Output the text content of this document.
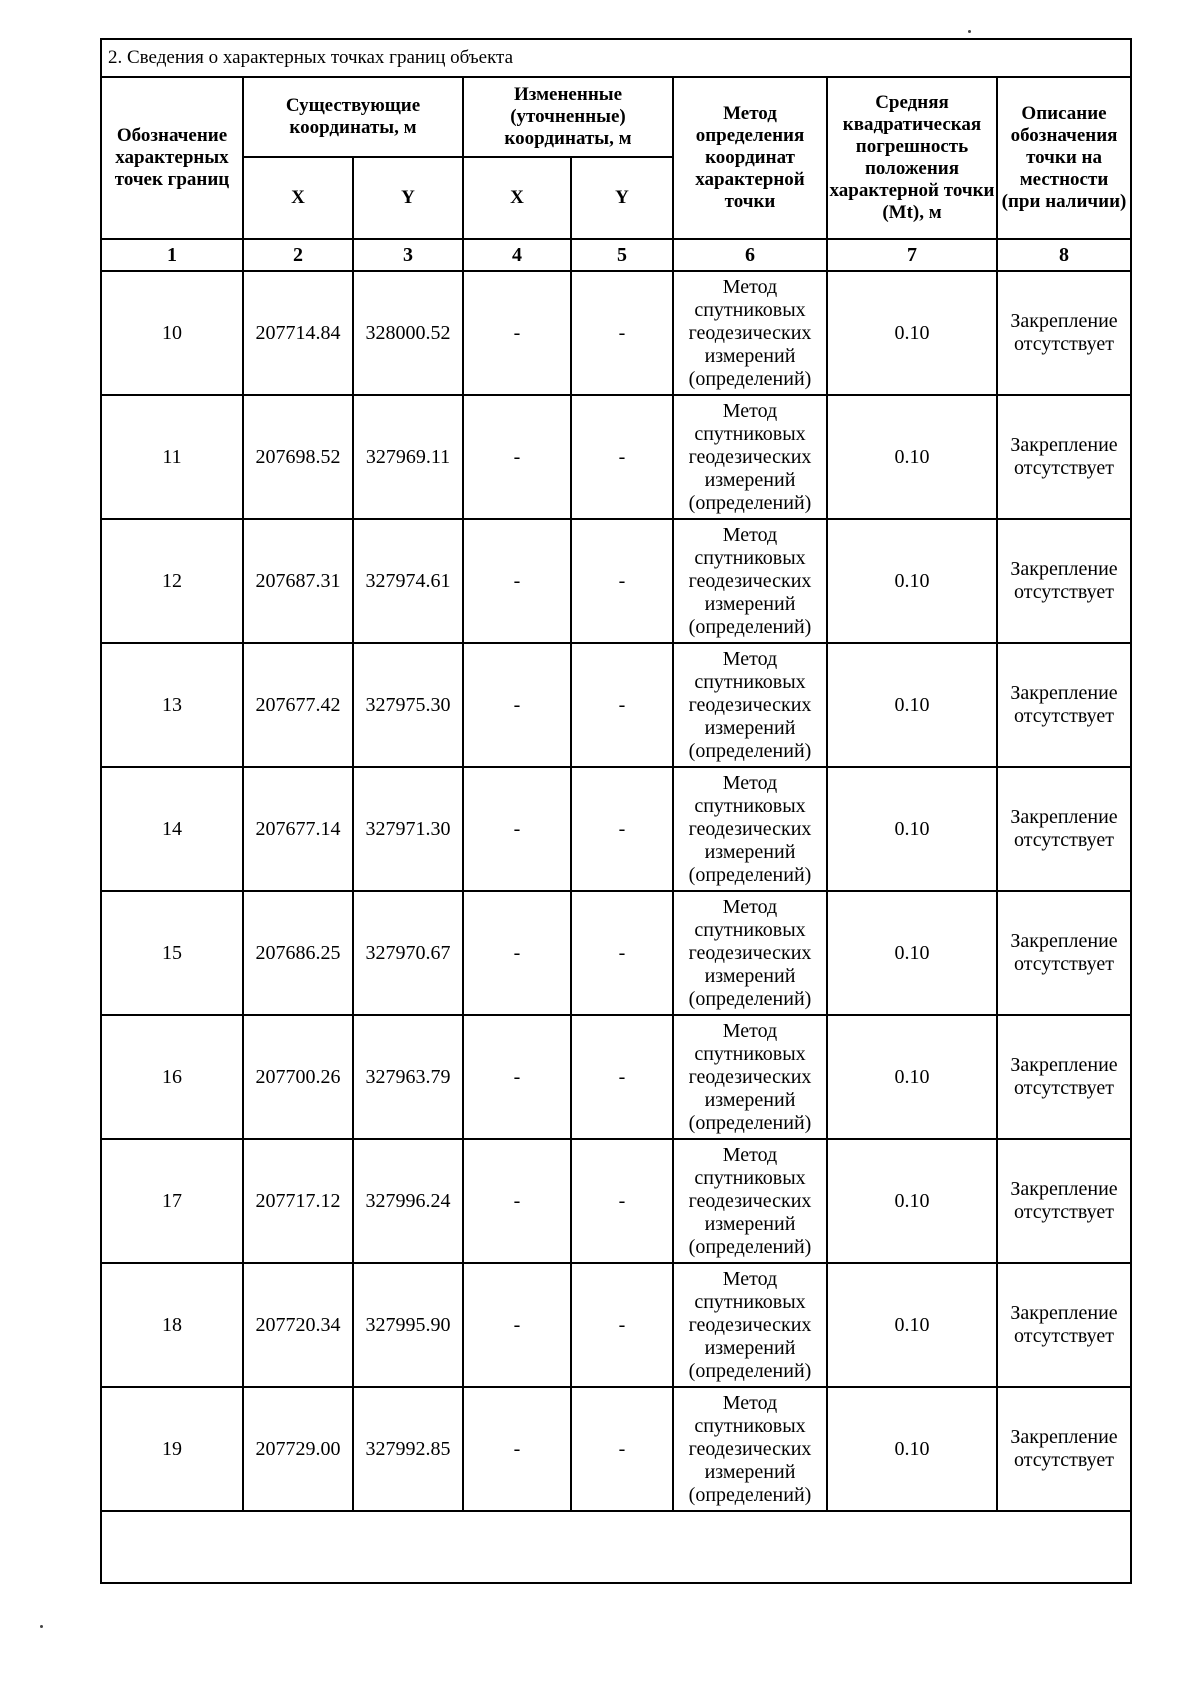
2. Сведения о характерных точках границ объекта							
Обозначение характерных точек границ	Существующие координаты, м		Измененные (уточненные) координаты, м		Метод определения координат характерной точки	Средняя квадратическая погрешность положения характерной точки (Mt), м	Описание обозначения точки на местности (при наличии)
	X	Y	X	Y			
1	2	3	4	5	6	7	8
10	207714.84	328000.52	-	-	Метод спутниковых геодезических измерений (определений)	0.10	Закрепление отсутствует
11	207698.52	327969.11	-	-	Метод спутниковых геодезических измерений (определений)	0.10	Закрепление отсутствует
12	207687.31	327974.61	-	-	Метод спутниковых геодезических измерений (определений)	0.10	Закрепление отсутствует
13	207677.42	327975.30	-	-	Метод спутниковых геодезических измерений (определений)	0.10	Закрепление отсутствует
14	207677.14	327971.30	-	-	Метод спутниковых геодезических измерений (определений)	0.10	Закрепление отсутствует
15	207686.25	327970.67	-	-	Метод спутниковых геодезических измерений (определений)	0.10	Закрепление отсутствует
16	207700.26	327963.79	-	-	Метод спутниковых геодезических измерений (определений)	0.10	Закрепление отсутствует
17	207717.12	327996.24	-	-	Метод спутниковых геодезических измерений (определений)	0.10	Закрепление отсутствует
18	207720.34	327995.90	-	-	Метод спутниковых геодезических измерений (определений)	0.10	Закрепление отсутствует
19	207729.00	327992.85	-	-	Метод спутниковых геодезических измерений (определений)	0.10	Закрепление отсутствует
